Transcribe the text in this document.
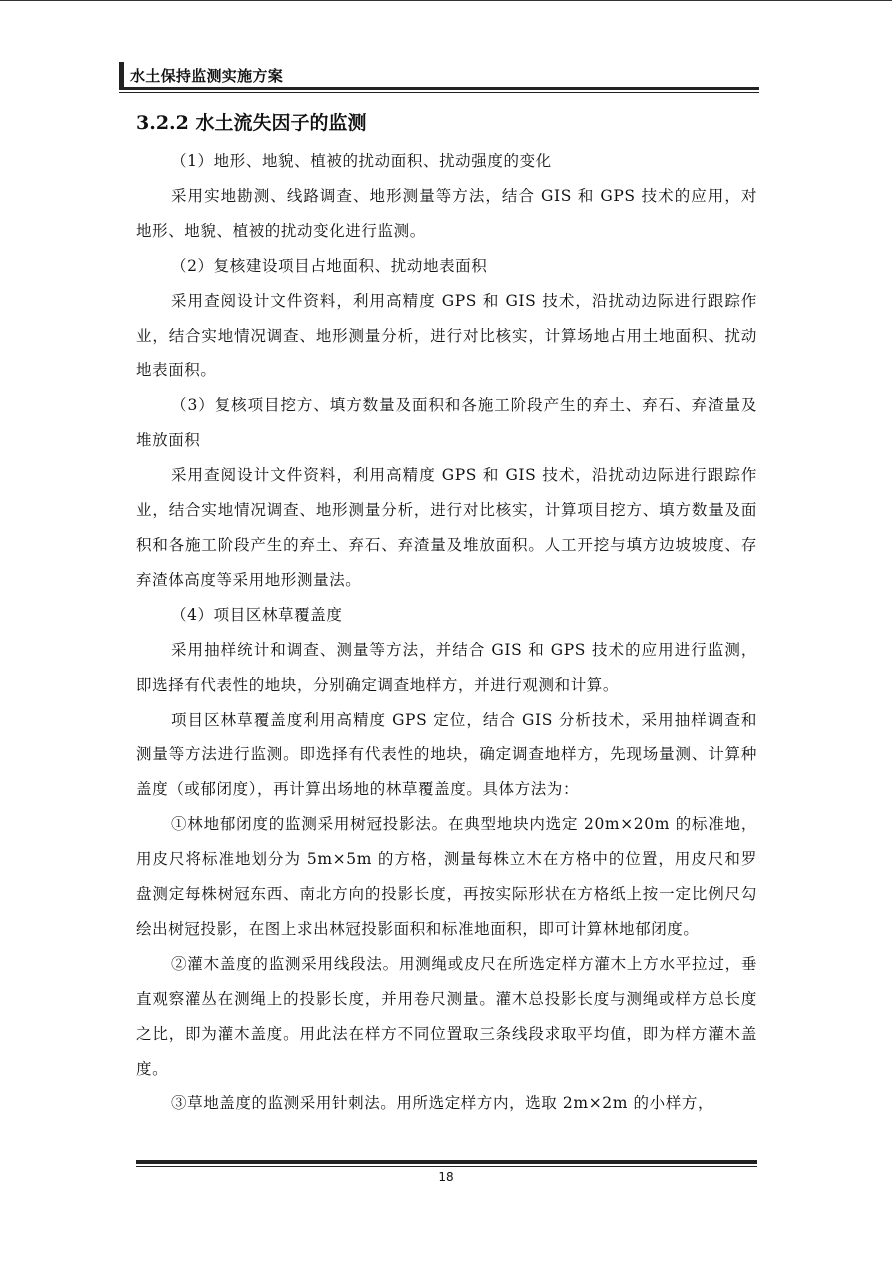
水土保持监测实施方案
3.2.2 水土流失因子的监测

（1）地形、地貌、植被的扰动面积、扰动强度的变化

采用实地勘测、线路调查、地形测量等方法，结合 GIS 和 GPS 技术的应用，对地形、地貌、植被的扰动变化进行监测。

（2）复核建设项目占地面积、扰动地表面积

采用查阅设计文件资料，利用高精度 GPS 和 GIS 技术，沿扰动边际进行跟踪作业，结合实地情况调查、地形测量分析，进行对比核实，计算场地占用土地面积、扰动地表面积。

（3）复核项目挖方、填方数量及面积和各施工阶段产生的弃土、弃石、弃渣量及堆放面积

采用查阅设计文件资料，利用高精度 GPS 和 GIS 技术，沿扰动边际进行跟踪作业，结合实地情况调查、地形测量分析，进行对比核实，计算项目挖方、填方数量及面积和各施工阶段产生的弃土、弃石、弃渣量及堆放面积。人工开挖与填方边坡坡度、存弃渣体高度等采用地形测量法。

（4）项目区林草覆盖度

采用抽样统计和调查、测量等方法，并结合 GIS 和 GPS 技术的应用进行监测，即选择有代表性的地块，分别确定调查地样方，并进行观测和计算。

项目区林草覆盖度利用高精度 GPS 定位，结合 GIS 分析技术，采用抽样调查和测量等方法进行监测。即选择有代表性的地块，确定调查地样方，先现场量测、计算种盖度（或郁闭度），再计算出场地的林草覆盖度。具体方法为：

①林地郁闭度的监测采用树冠投影法。在典型地块内选定 20m×20m 的标准地，用皮尺将标准地划分为 5m×5m 的方格，测量每株立木在方格中的位置，用皮尺和罗盘测定每株树冠东西、南北方向的投影长度，再按实际形状在方格纸上按一定比例尺勾绘出树冠投影，在图上求出林冠投影面积和标准地面积，即可计算林地郁闭度。

②灌木盖度的监测采用线段法。用测绳或皮尺在所选定样方灌木上方水平拉过，垂直观察灌丛在测绳上的投影长度，并用卷尺测量。灌木总投影长度与测绳或样方总长度之比，即为灌木盖度。用此法在样方不同位置取三条线段求取平均值，即为样方灌木盖度。

③草地盖度的监测采用针刺法。用所选定样方内，选取 2m×2m 的小样方，

18
